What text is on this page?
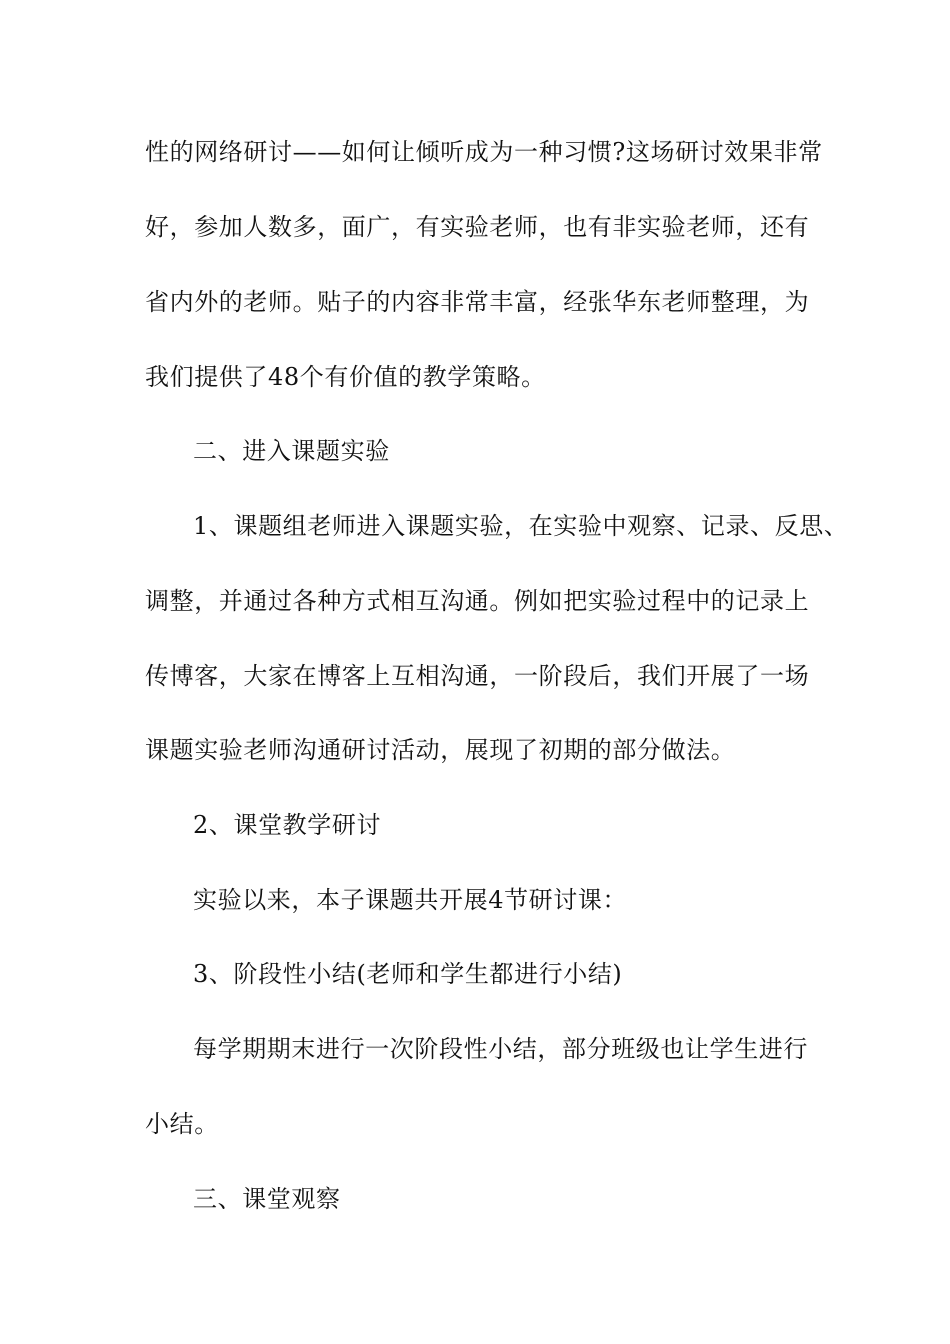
性的网络研讨——如何让倾听成为一种习惯?这场研讨效果非常
好，参加人数多，面广，有实验老师，也有非实验老师，还有
省内外的老师。贴子的内容非常丰富，经张华东老师整理，为
我们提供了48个有价值的教学策略。
二、进入课题实验
1、课题组老师进入课题实验，在实验中观察、记录、反思、
调整，并通过各种方式相互沟通。例如把实验过程中的记录上
传博客，大家在博客上互相沟通，一阶段后，我们开展了一场
课题实验老师沟通研讨活动，展现了初期的部分做法。
2、课堂教学研讨
实验以来，本子课题共开展4节研讨课：
3、阶段性小结(老师和学生都进行小结)
每学期期末进行一次阶段性小结，部分班级也让学生进行
小结。
三、课堂观察
